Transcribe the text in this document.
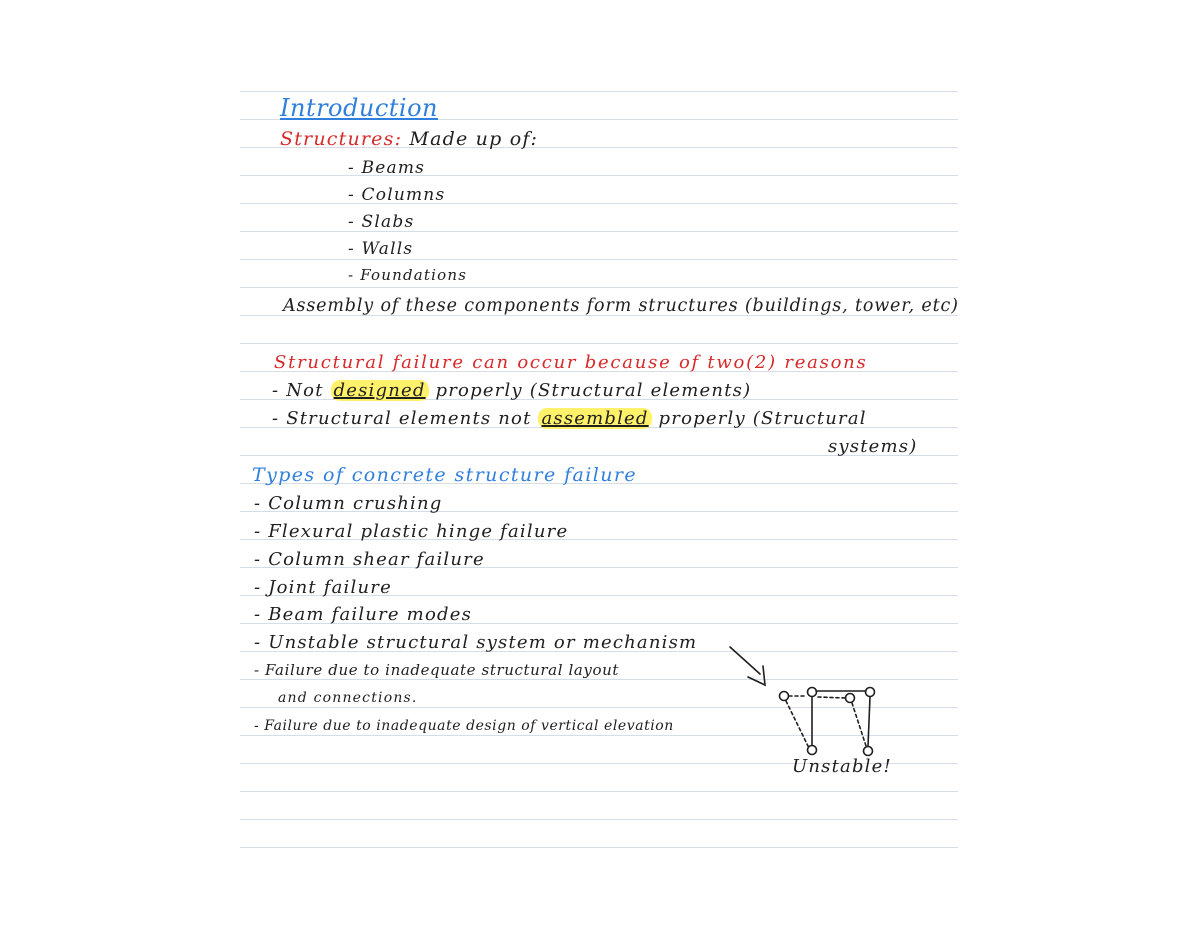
Introduction
Structures: Made up of:
- Beams
- Columns
- Slabs
- Walls
- Foundations
Assembly of these components form structures (buildings, tower, etc)
Structural failure can occur because of two(2) reasons
- Not designed properly (Structural elements)
- Structural elements not assembled properly (Structural
systems)
Types of concrete structure failure
- Column crushing
- Flexural plastic hinge failure
- Column shear failure
- Joint failure
- Beam failure modes
- Unstable structural system or mechanism
- Failure due to inadequate structural layout
and connections.
- Failure due to inadequate design of vertical elevation
Unstable!
